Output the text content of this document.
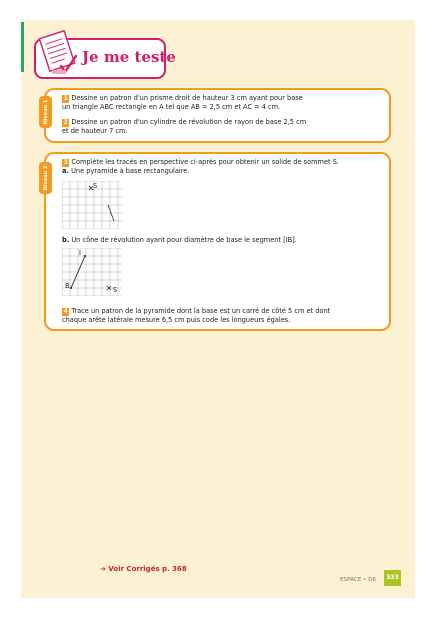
Je me teste
Niveau 1
1 Dessine un patron d'un prisme droit de hauteur 3 cm ayant pour base
un triangle ABC rectangle en A tel que AB = 2,5 cm et AC = 4 cm.
2 Dessine un patron d'un cylindre de révolution de rayon de base 2,5 cm
et de hauteur 7 cm.
Niveau 2
3 Complète les tracés en perspective ci-après pour obtenir un solide de sommet S.
a. Une pyramide à base rectangulaire.
S
b. Un cône de révolution ayant pour diamètre de base le segment [IB].
I
B	S
4 Trace un patron de la pyramide dont la base est un carré de côté 5 cm et dont
chaque arête latérale mesure 6,5 cm puis code les longueurs égales.
➔ Voir Corrigés p. 368
ESPACE • D6	333
